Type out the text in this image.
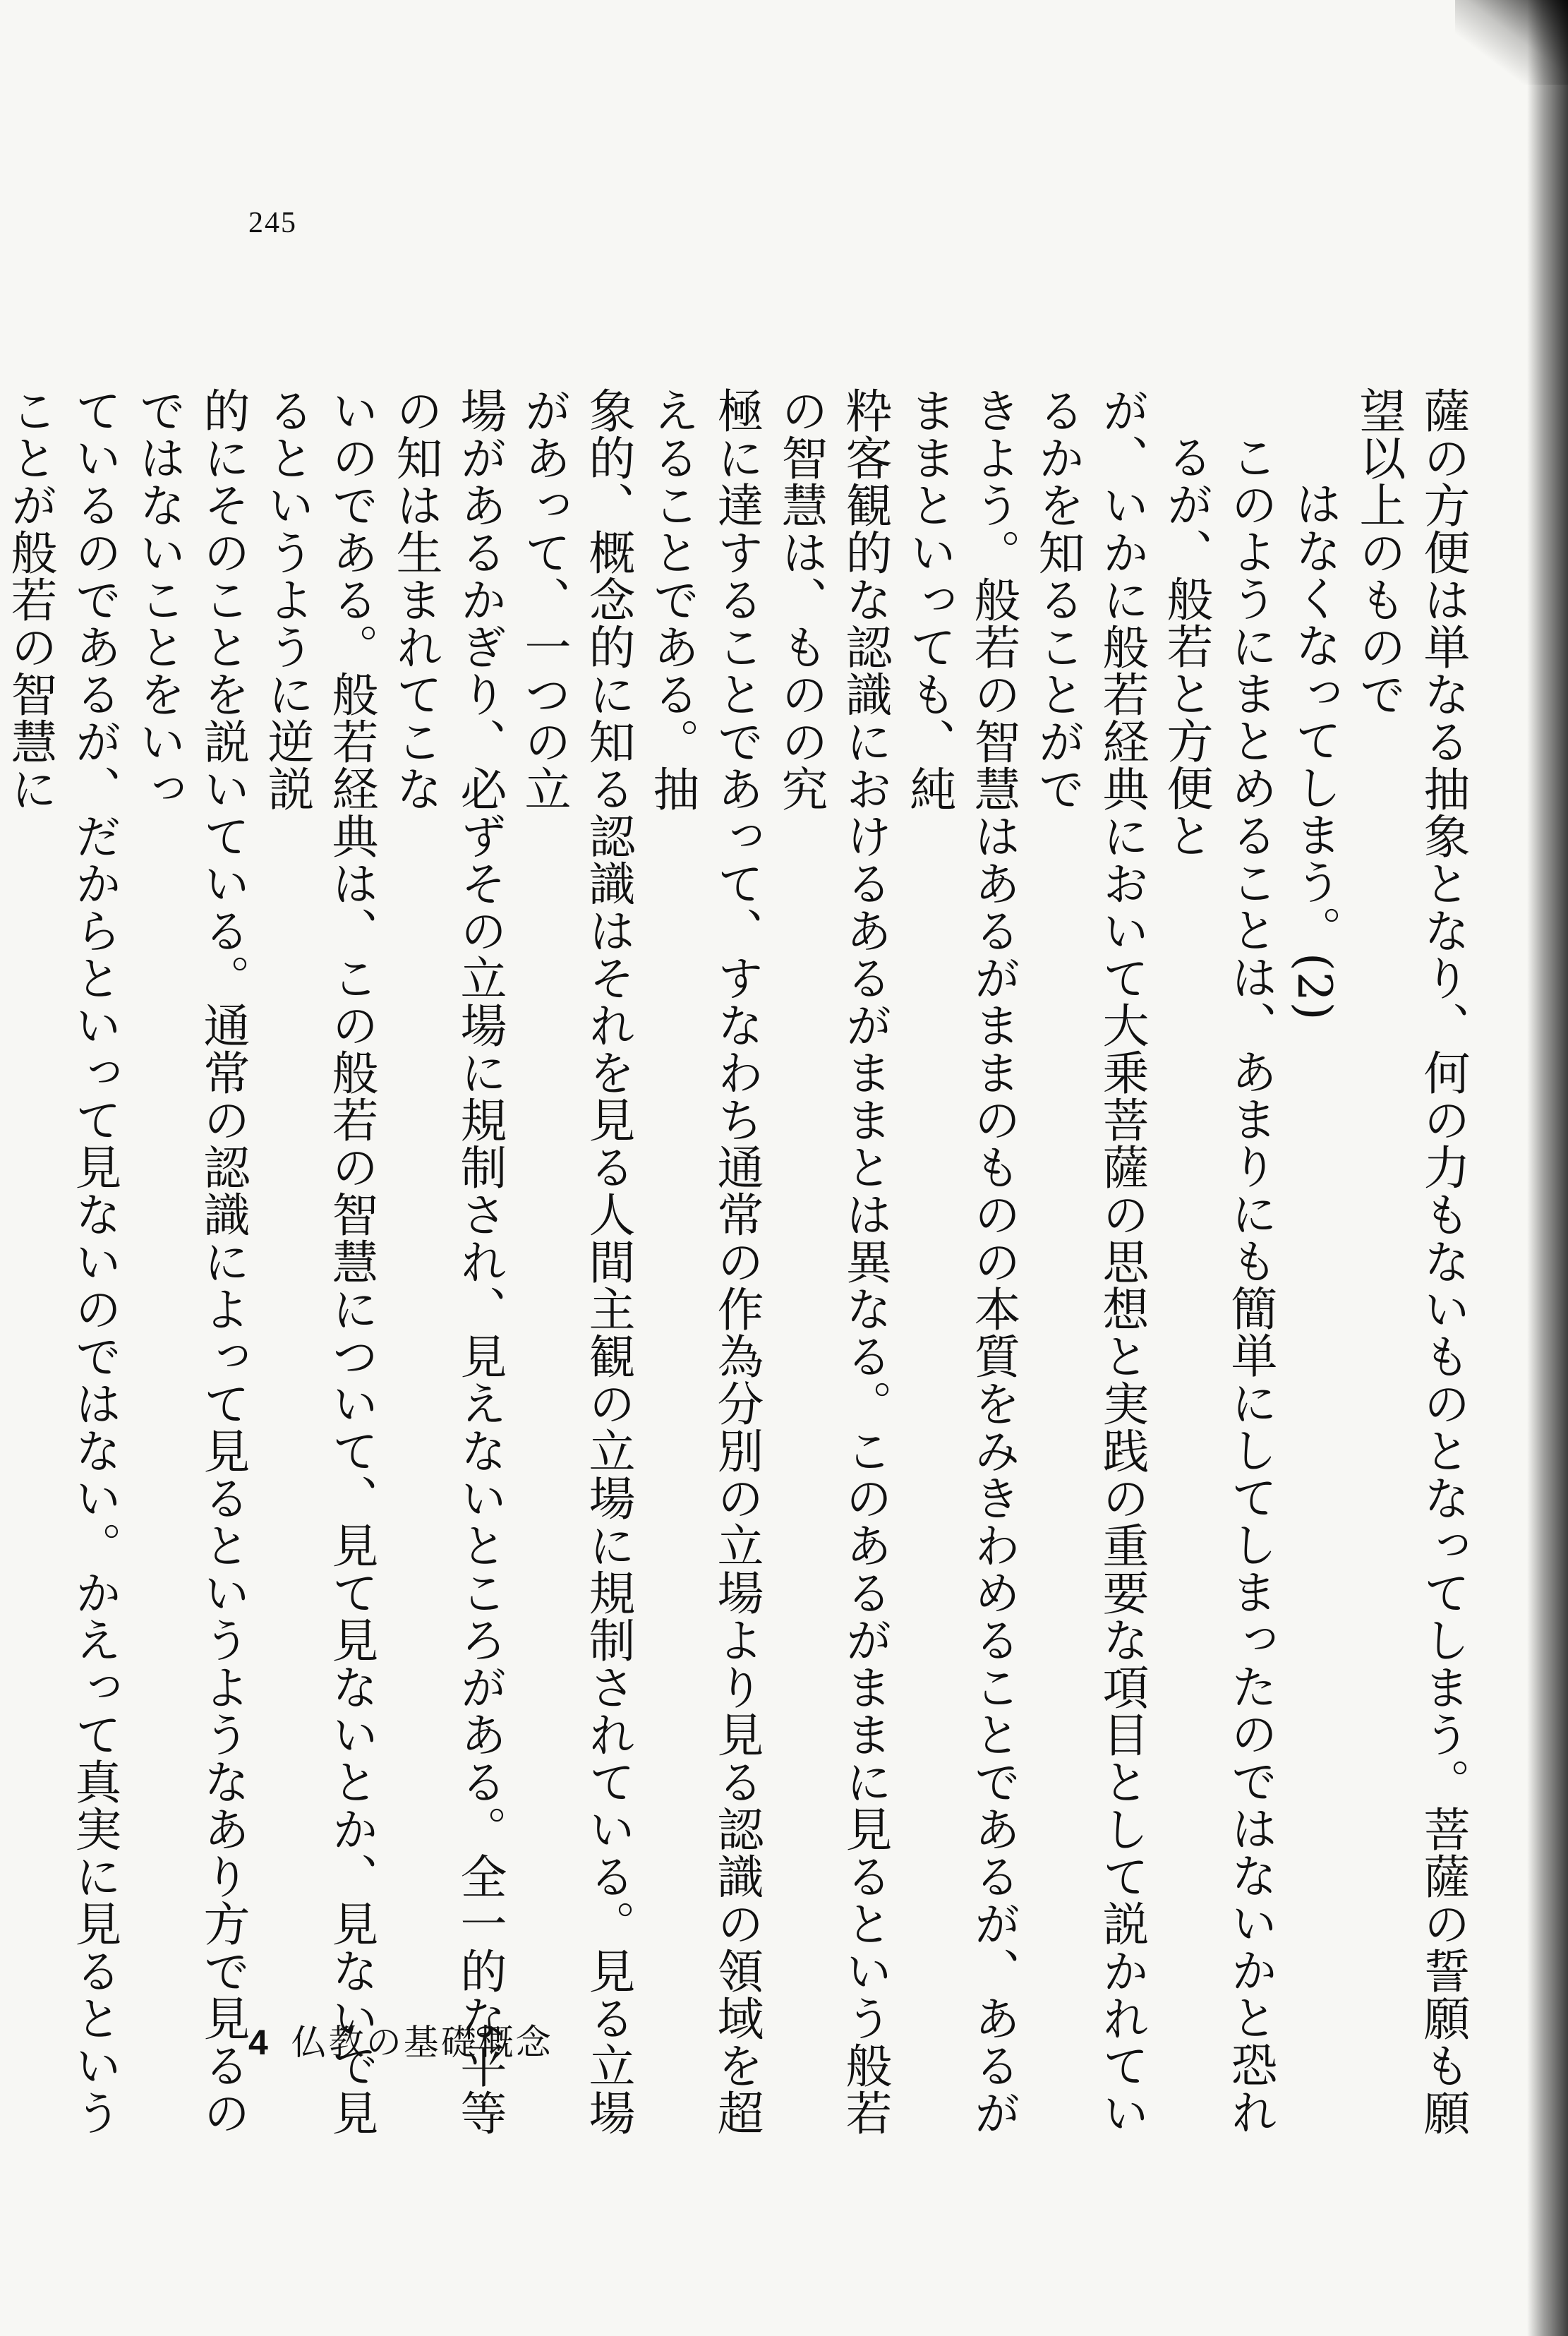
245
薩の方便は単なる抽象となり、何の力もないものとなってしまう。菩薩の誓願も願望以上のもので
はなくなってしまう。(2)
このようにまとめることは、あまりにも簡単にしてしまったのではないかと恐れるが、般若と方便と
が、いかに般若経典において大乗菩薩の思想と実践の重要な項目として説かれているかを知ることがで
きよう。般若の智慧はあるがままのものの本質をみきわめることであるが、あるがままといっても、純
粋客観的な認識におけるあるがままとは異なる。このあるがままに見るという般若の智慧は、ものの究
極に達することであって、すなわち通常の作為分別の立場より見る認識の領域を超えることである。抽
象的、概念的に知る認識はそれを見る人間主観の立場に規制されている。見る立場があって、一つの立
場があるかぎり、必ずその立場に規制され、見えないところがある。全一的な平等の知は生まれてこな
いのである。般若経典は、この般若の智慧について、見て見ないとか、見ないで見るというように逆説
的にそのことを説いている。通常の認識によって見るというようなあり方で見るのではないことをいっ
ているのであるが、だからといって見ないのではない。かえって真実に見るということが般若の智慧に
4 仏教の基礎概念
